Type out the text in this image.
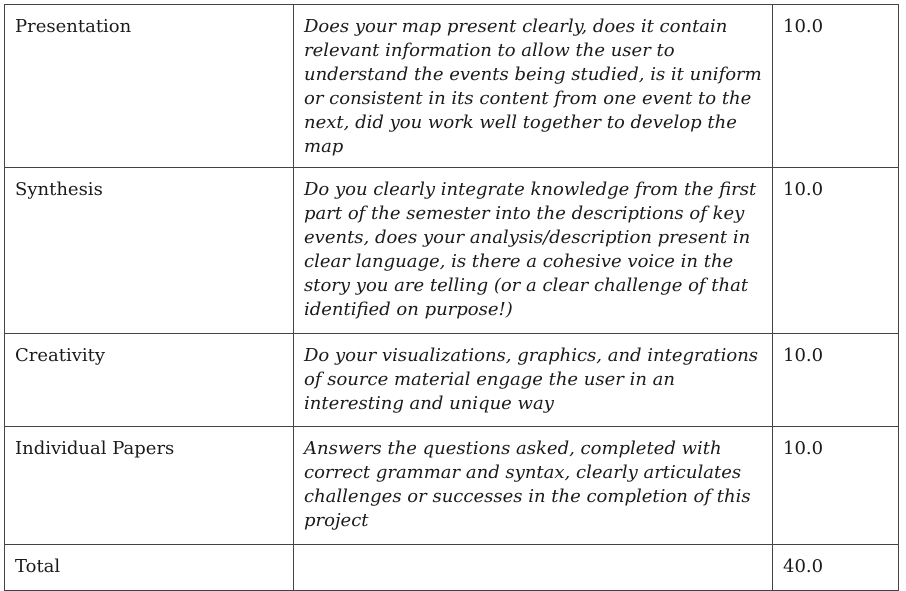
Presentation	Does your map present clearly, does it contain relevant information to allow the user to understand the events being studied, is it uniform or consistent in its content from one event to the next, did you work well together to develop the map	10.0
Synthesis	Do you clearly integrate knowledge from the first part of the semester into the descriptions of key events, does your analysis/description present in clear language, is there a cohesive voice in the story you are telling (or a clear challenge of that identified on purpose!)	10.0
Creativity	Do your visualizations, graphics, and integrations of source material engage the user in an interesting and unique way	10.0
Individual Papers	Answers the questions asked, completed with correct grammar and syntax, clearly articulates challenges or successes in the completion of this project	10.0
Total		40.0
